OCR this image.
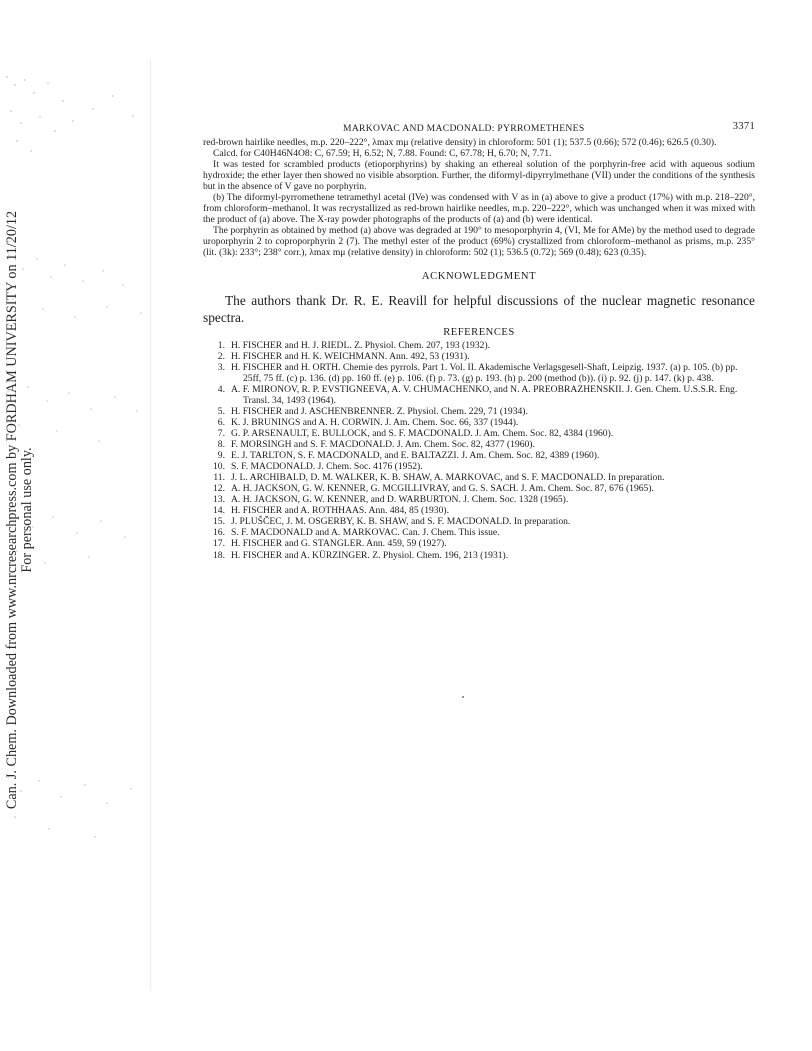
Can. J. Chem. Downloaded from www.nrcresearchpress.com by FORDHAM UNIVERSITY on 11/20/12 For personal use only.
MARKOVAC AND MACDONALD: PYRROMETHENES	3371

red-brown hairlike needles, m.p. 220–222°, λmax mμ (relative density) in chloroform: 501 (1); 537.5 (0.66); 572 (0.46); 626.5 (0.30).

Calcd. for C40H46N4O8: C, 67.59; H, 6.52; N, 7.88. Found: C, 67.78; H, 6.70; N, 7.71.

It was tested for scrambled products (etioporphyrins) by shaking an ethereal solution of the porphyrin-free acid with aqueous sodium hydroxide; the ether layer then showed no visible absorption. Further, the diformyl-dipyrrylmethane (VII) under the conditions of the synthesis but in the absence of V gave no porphyrin.

(b) The diformyl-pyrromethene tetramethyl acetal (IVe) was condensed with V as in (a) above to give a product (17%) with m.p. 218–220°, from chloroform–methanol. It was recrystallized as red-brown hairlike needles, m.p. 220–222°, which was unchanged when it was mixed with the product of (a) above. The X-ray powder photographs of the products of (a) and (b) were identical.

The porphyrin as obtained by method (a) above was degraded at 190° to mesoporphyrin 4, (VI, Me for AMe) by the method used to degrade uroporphyrin 2 to coproporphyrin 2 (7). The methyl ester of the product (69%) crystallized from chloroform–methanol as prisms, m.p. 235° (lit. (3k): 233°; 238° corr.), λmax mμ (relative density) in chloroform: 502 (1); 536.5 (0.72); 569 (0.48); 623 (0.35).

ACKNOWLEDGMENT

The authors thank Dr. R. E. Reavill for helpful discussions of the nuclear magnetic resonance spectra.

REFERENCES
1. H. FISCHER and H. J. RIEDL. Z. Physiol. Chem. 207, 193 (1932).
2. H. FISCHER and H. K. WEICHMANN. Ann. 492, 53 (1931).
3. H. FISCHER and H. ORTH. Chemie des pyrrols. Part 1. Vol. II. Akademische Verlagsgesell-Shaft, Leipzig. 1937. (a) p. 105. (b) pp. 25ff, 75 ff. (c) p. 136. (d) pp. 160 ff. (e) p. 106. (f) p. 73. (g) p. 193. (h) p. 200 (method (b)). (i) p. 92. (j) p. 147. (k) p. 438.
4. A. F. MIRONOV, R. P. EVSTIGNEEVA, A. V. CHUMACHENKO, and N. A. PREOBRAZHENSKII. J. Gen. Chem. U.S.S.R. Eng. Transl. 34, 1493 (1964).
5. H. FISCHER and J. ASCHENBRENNER. Z. Physiol. Chem. 229, 71 (1934).
6. K. J. BRUNINGS and A. H. CORWIN. J. Am. Chem. Soc. 66, 337 (1944).
7. G. P. ARSENAULT, E. BULLOCK, and S. F. MACDONALD. J. Am. Chem. Soc. 82, 4384 (1960).
8. F. MORSINGH and S. F. MACDONALD. J. Am. Chem. Soc. 82, 4377 (1960).
9. E. J. TARLTON, S. F. MACDONALD, and E. BALTAZZI. J. Am. Chem. Soc. 82, 4389 (1960).
10. S. F. MACDONALD. J. Chem. Soc. 4176 (1952).
11. J. L. ARCHIBALD, D. M. WALKER, K. B. SHAW, A. MARKOVAC, and S. F. MACDONALD. In preparation.
12. A. H. JACKSON, G. W. KENNER, G. MCGILLIVRAY, and G. S. SACH. J. Am. Chem. Soc. 87, 676 (1965).
13. A. H. JACKSON, G. W. KENNER, and D. WARBURTON. J. Chem. Soc. 1328 (1965).
14. H. FISCHER and A. ROTHHAAS. Ann. 484, 85 (1930).
15. J. PLUŠČEC, J. M. OSGERBY, K. B. SHAW, and S. F. MACDONALD. In preparation.
16. S. F. MACDONALD and A. MARKOVAC. Can. J. Chem. This issue.
17. H. FISCHER and G. STANGLER. Ann. 459, 59 (1927).
18. H. FISCHER and A. KÜRZINGER. Z. Physiol. Chem. 196, 213 (1931).
